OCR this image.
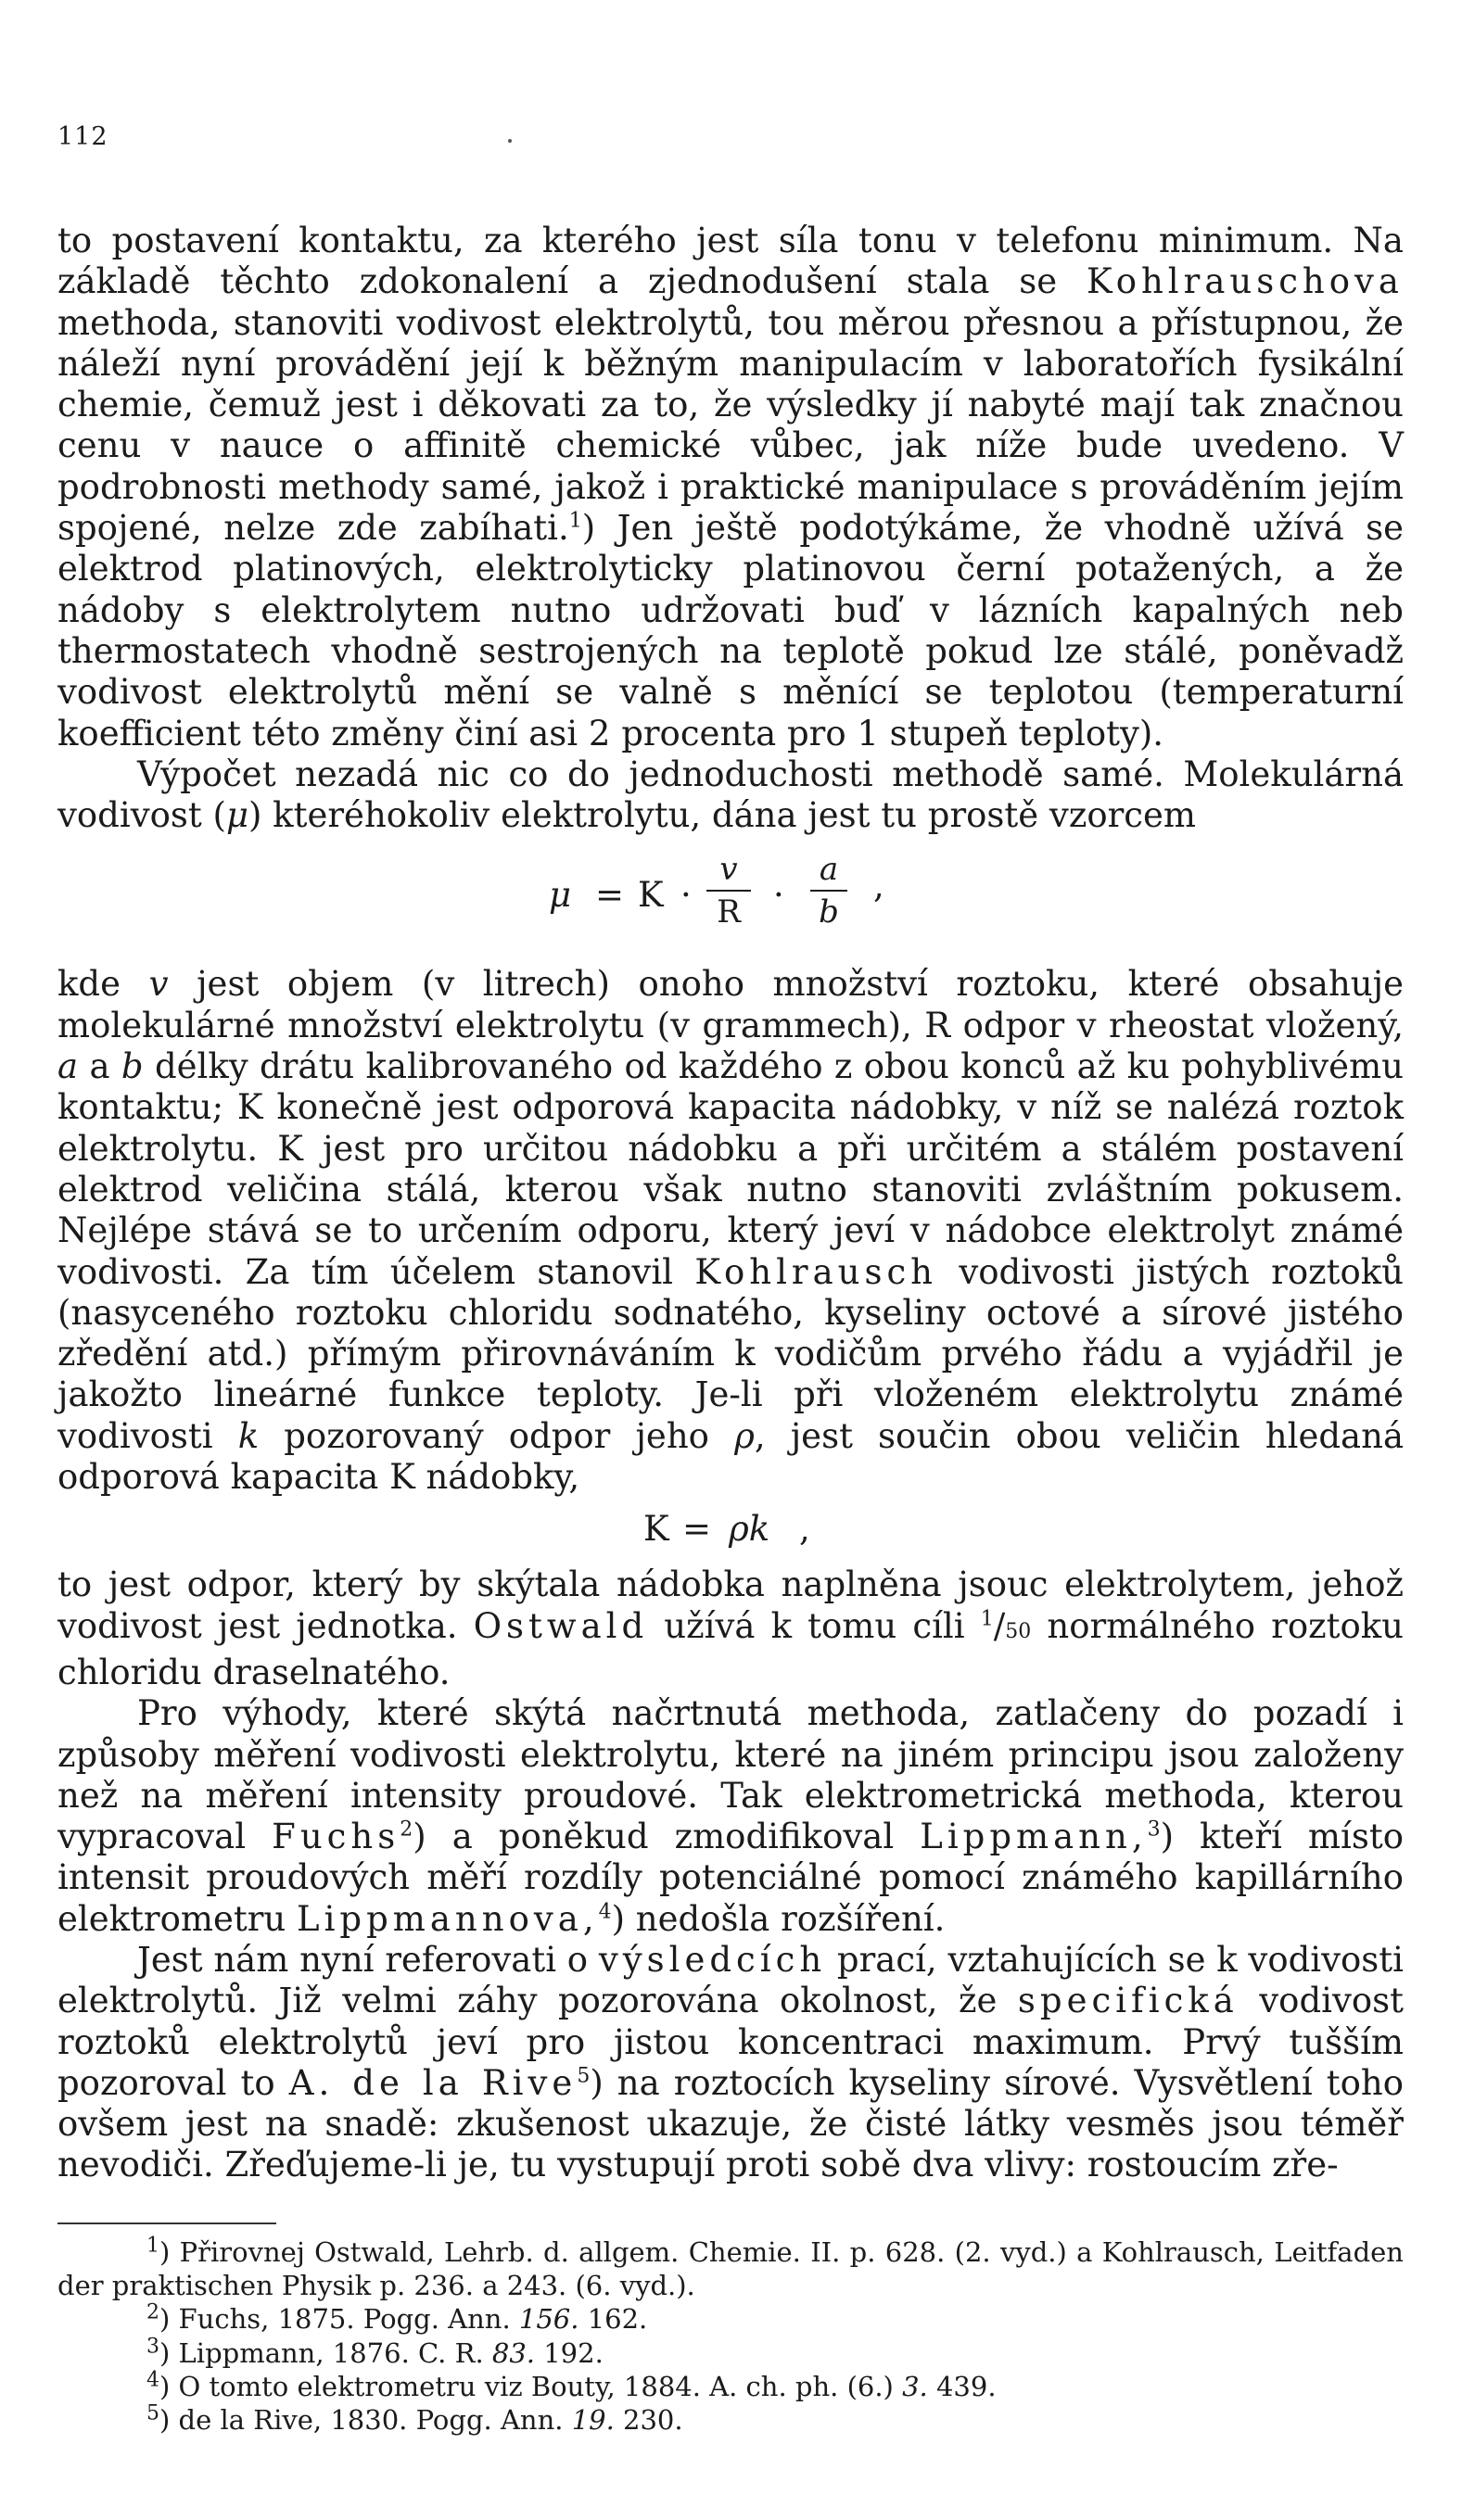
112

to postavení kontaktu, za kterého jest síla tonu v telefonu minimum. Na základě těchto zdokonalení a zjednodušení stala se Kohlrauschova methoda, stanoviti vodivost elektrolytů, tou měrou přesnou a přístupnou, že náleží nyní provádění její k běžným manipulacím v laboratořích fysikální chemie, čemuž jest i děkovati za to, že výsledky jí nabyté mají tak značnou cenu v nauce o affinitě chemické vůbec, jak níže bude uvedeno. V podrobnosti methody samé, jakož i praktické manipulace s prováděním jejím spojené, nelze zde zabíhati.$^1$) Jen ještě podotýkáme, že vhodně užívá se elektrod platinových, elektrolyticky platinovou černí potažených, a že nádoby s elektrolytem nutno udržovati buď v lázních kapalných neb thermostatech vhodně sestrojených na teplotě pokud lze stálé, poněvadž vodivost elektrolytů mění se valně s měnící se teplotou (temperaturní koefficient této změny činí asi 2 procenta pro 1 stupeň teploty).

Výpočet nezadá nic co do jednoduchosti methodě samé. Molekulárná vodivost (μ) kteréhokoliv elektrolytu, dána jest tu prostě vzorcem

$\mu = K \cdot \frac{v}{R} \cdot \frac{a}{b}$ ,

kde v jest objem (v litrech) onoho množství roztoku, které obsahuje molekulárné množství elektrolytu (v grammech), R odpor v rheostat vložený, a a b délky drátu kalibrovaného od každého z obou konců až ku pohyblivému kontaktu; K konečně jest odporová kapacita nádobky, v níž se nalézá roztok elektrolytu. K jest pro určitou nádobku a při určitém a stálém postavení elektrod veličina stálá, kterou však nutno stanoviti zvláštním pokusem. Nejlépe stává se to určením odporu, který jeví v nádobce elektrolyt známé vodivosti. Za tím účelem stanovil Kohlrausch vodivosti jistých roztoků (nasyceného roztoku chloridu sodnatého, kyseliny octové a sírové jistého zředění atd.) přímým přirovnáváním k vodičům prvého řádu a vyjádřil je jakožto lineárné funkce teploty. Je-li při vloženém elektrolytu známé vodivosti k pozorovaný odpor jeho ρ, jest součin obou veličin hledaná odporová kapacita K nádobky,

K = ρk ,

to jest odpor, který by skýtala nádobka naplněna jsouc elektrolytem, jehož vodivost jest jednotka. Ostwald užívá k tomu cíli $^1$/50 normálného roztoku chloridu draselnatého.

Pro výhody, které skýtá načrtnutá methoda, zatlačeny do pozadí i způsoby měření vodivosti elektrolytu, které na jiném principu jsou založeny než na měření intensity proudové. Tak elektrometrická methoda, kterou vypracoval Fuchs$^2$) a poněkud zmodifikoval Lippmann,$^3$) kteří místo intensit proudových měří rozdíly potenciálné pomocí známého kapillárního elektrometru Lippmannova,$^4$) nedošla rozšíření.

Jest nám nyní referovati o výsledcích prací, vztahujících se k vodivosti elektrolytů. Již velmi záhy pozorována okolnost, že specifická vodivost roztoků elektrolytů jeví pro jistou koncentraci maximum. Prvý tušším pozoroval to A. de la Rive$^5$) na roztocích kyseliny sírové. Vysvětlení toho ovšem jest na snadě: zkušenost ukazuje, že čisté látky vesměs jsou téměř nevodiči. Zřeďujeme-li je, tu vystupují proti sobě dva vlivy: rostoucím zře-

$^1$) Přirovnej Ostwald, Lehrb. d. allgem. Chemie. II. p. 628. (2. vyd.) a Kohlrausch, Leitfaden der praktischen Physik p. 236. a 243. (6. vyd.).

$^2$) Fuchs, 1875. Pogg. Ann. 156. 162.

$^3$) Lippmann, 1876. C. R. 83. 192.

$^4$) O tomto elektrometru viz Bouty, 1884. A. ch. ph. (6.) 3. 439.

$^5$) de la Rive, 1830. Pogg. Ann. 19. 230.
